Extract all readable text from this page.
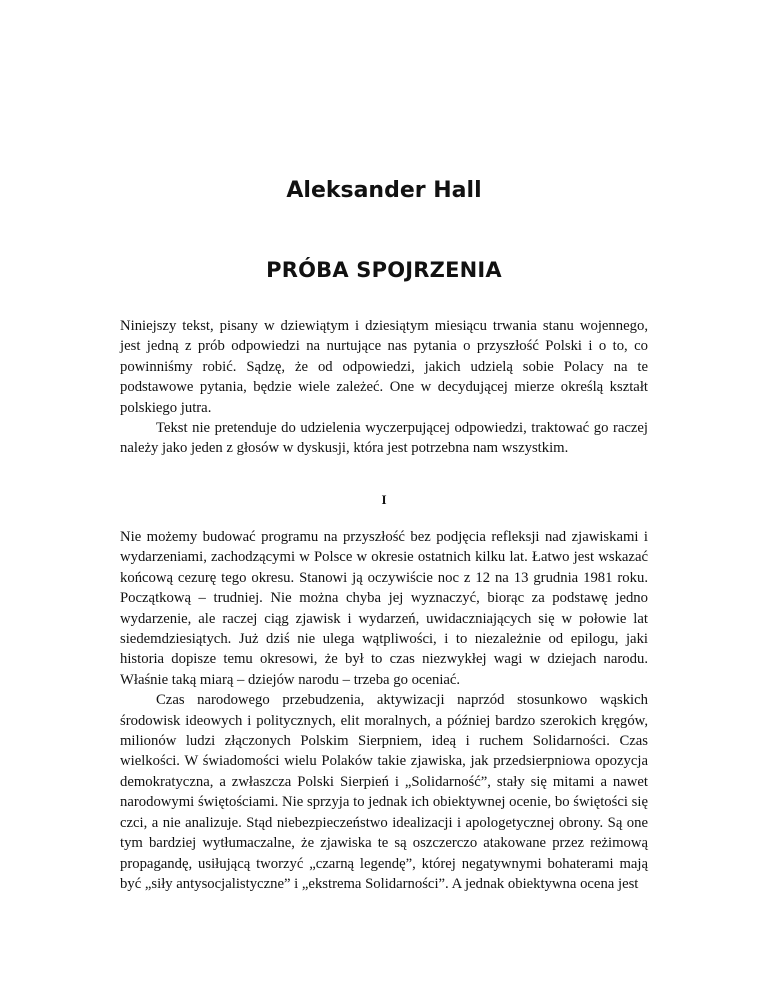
Aleksander Hall
PRÓBA SPOJRZENIA

Niniejszy tekst, pisany w dziewiątym i dziesiątym miesiącu trwania stanu wojennego, jest jedną z prób odpowiedzi na nurtujące nas pytania o przyszłość Polski i o to, co powinniśmy robić. Sądzę, że od odpowiedzi, jakich udzielą sobie Polacy na te podstawowe pytania, będzie wiele zależeć. One w decydującej mierze określą kształt polskiego jutra.

Tekst nie pretenduje do udzielenia wyczerpującej odpowiedzi, traktować go raczej należy jako jeden z głosów w dyskusji, która jest potrzebna nam wszystkim.

I

Nie możemy budować programu na przyszłość bez podjęcia refleksji nad zjawiskami i wydarzeniami, zachodzącymi w Polsce w okresie ostatnich kilku lat. Łatwo jest wskazać końcową cezurę tego okresu. Stanowi ją oczywiście noc z 12 na 13 grudnia 1981 roku. Początkową – trudniej. Nie można chyba jej wyznaczyć, biorąc za podstawę jedno wydarzenie, ale raczej ciąg zjawisk i wydarzeń, uwidaczniających się w połowie lat siedemdziesiątych. Już dziś nie ulega wątpliwości, i to niezależnie od epilogu, jaki historia dopisze temu okresowi, że był to czas niezwykłej wagi w dziejach narodu. Właśnie taką miarą – dziejów narodu – trzeba go oceniać.

Czas narodowego przebudzenia, aktywizacji naprzód stosunkowo wąskich środowisk ideowych i politycznych, elit moralnych, a później bardzo szerokich kręgów, milionów ludzi złączonych Polskim Sierpniem, ideą i ruchem Solidarności. Czas wielkości. W świadomości wielu Polaków takie zjawiska, jak przedsierpniowa opozycja demokratyczna, a zwłaszcza Polski Sierpień i „Solidarność”, stały się mitami a nawet narodowymi świętościami. Nie sprzyja to jednak ich obiektywnej ocenie, bo świętości się czci, a nie analizuje. Stąd niebezpieczeństwo idealizacji i apologetycznej obrony. Są one tym bardziej wytłumaczalne, że zjawiska te są oszczerczo atakowane przez reżimową propagandę, usiłującą tworzyć „czarną legendę”, której negatywnymi bohaterami mają być „siły antysocjalistyczne” i „ekstrema Solidarności”. A jednak obiektywna ocena jest
